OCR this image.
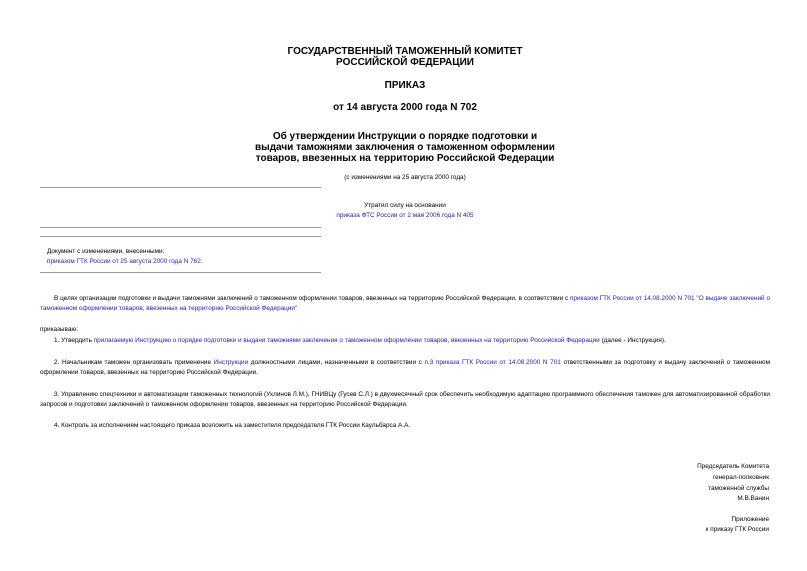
ГОСУДАРСТВЕННЫЙ ТАМОЖЕННЫЙ КОМИТЕТ
РОССИЙСКОЙ ФЕДЕРАЦИИ
ПРИКАЗ
от 14 августа 2000 года N 702
Об утверждении Инструкции о порядке подготовки и
выдачи таможнями заключения о таможенном оформлении
товаров, ввезенных на территорию Российской Федерации
(с изменениями на 25 августа 2000 года)
Утратил силу на основании
приказа ФТС России от 2 мая 2006 года N 405
Документ с изменениями, внесенными:
приказом ГТК России от 25 августа 2000 года N 762.
В целях организации подготовки и выдачи таможнями заключений о таможенном оформлении товаров, ввезенных на территорию Российской Федерации, в соответствии с приказом ГТК России от 14.08.2000 N 701 "О выдаче заключений о таможенном оформлении товаров, ввезенных на территорию Российской Федерации"
приказываю:
1. Утвердить прилагаемую Инструкцию о порядке подготовки и выдачи таможнями заключения о таможенном оформлении товаров, ввезенных на территорию Российской Федерации (далее - Инструкция).
2. Начальникам таможен организовать применение Инструкции должностными лицами, назначенными в соответствии с п.3 приказа ГТК России от 14.08.2000 N 701 ответственными за подготовку и выдачу заключений о таможенном оформлении товаров, ввезенных на территорию Российской Федерации.
3. Управлению спецтехники и автоматизации таможенных технологий (Ухлинов Л.М.), ГНИВЦу (Гусев С.Л.) в двухмесячный срок обеспечить необходимую адаптацию программного обеспечения таможен для автоматизированной обработки запросов и подготовки заключений о таможенном оформлении товаров, ввезенных на территорию Российской Федерации.
4. Контроль за исполнением настоящего приказа возложить на заместителя председателя ГТК России Каульбарса А.А.
Председатель Комитета
генерал-полковник
таможенной службы
М.В.Ванин
Приложение
к приказу ГТК России
